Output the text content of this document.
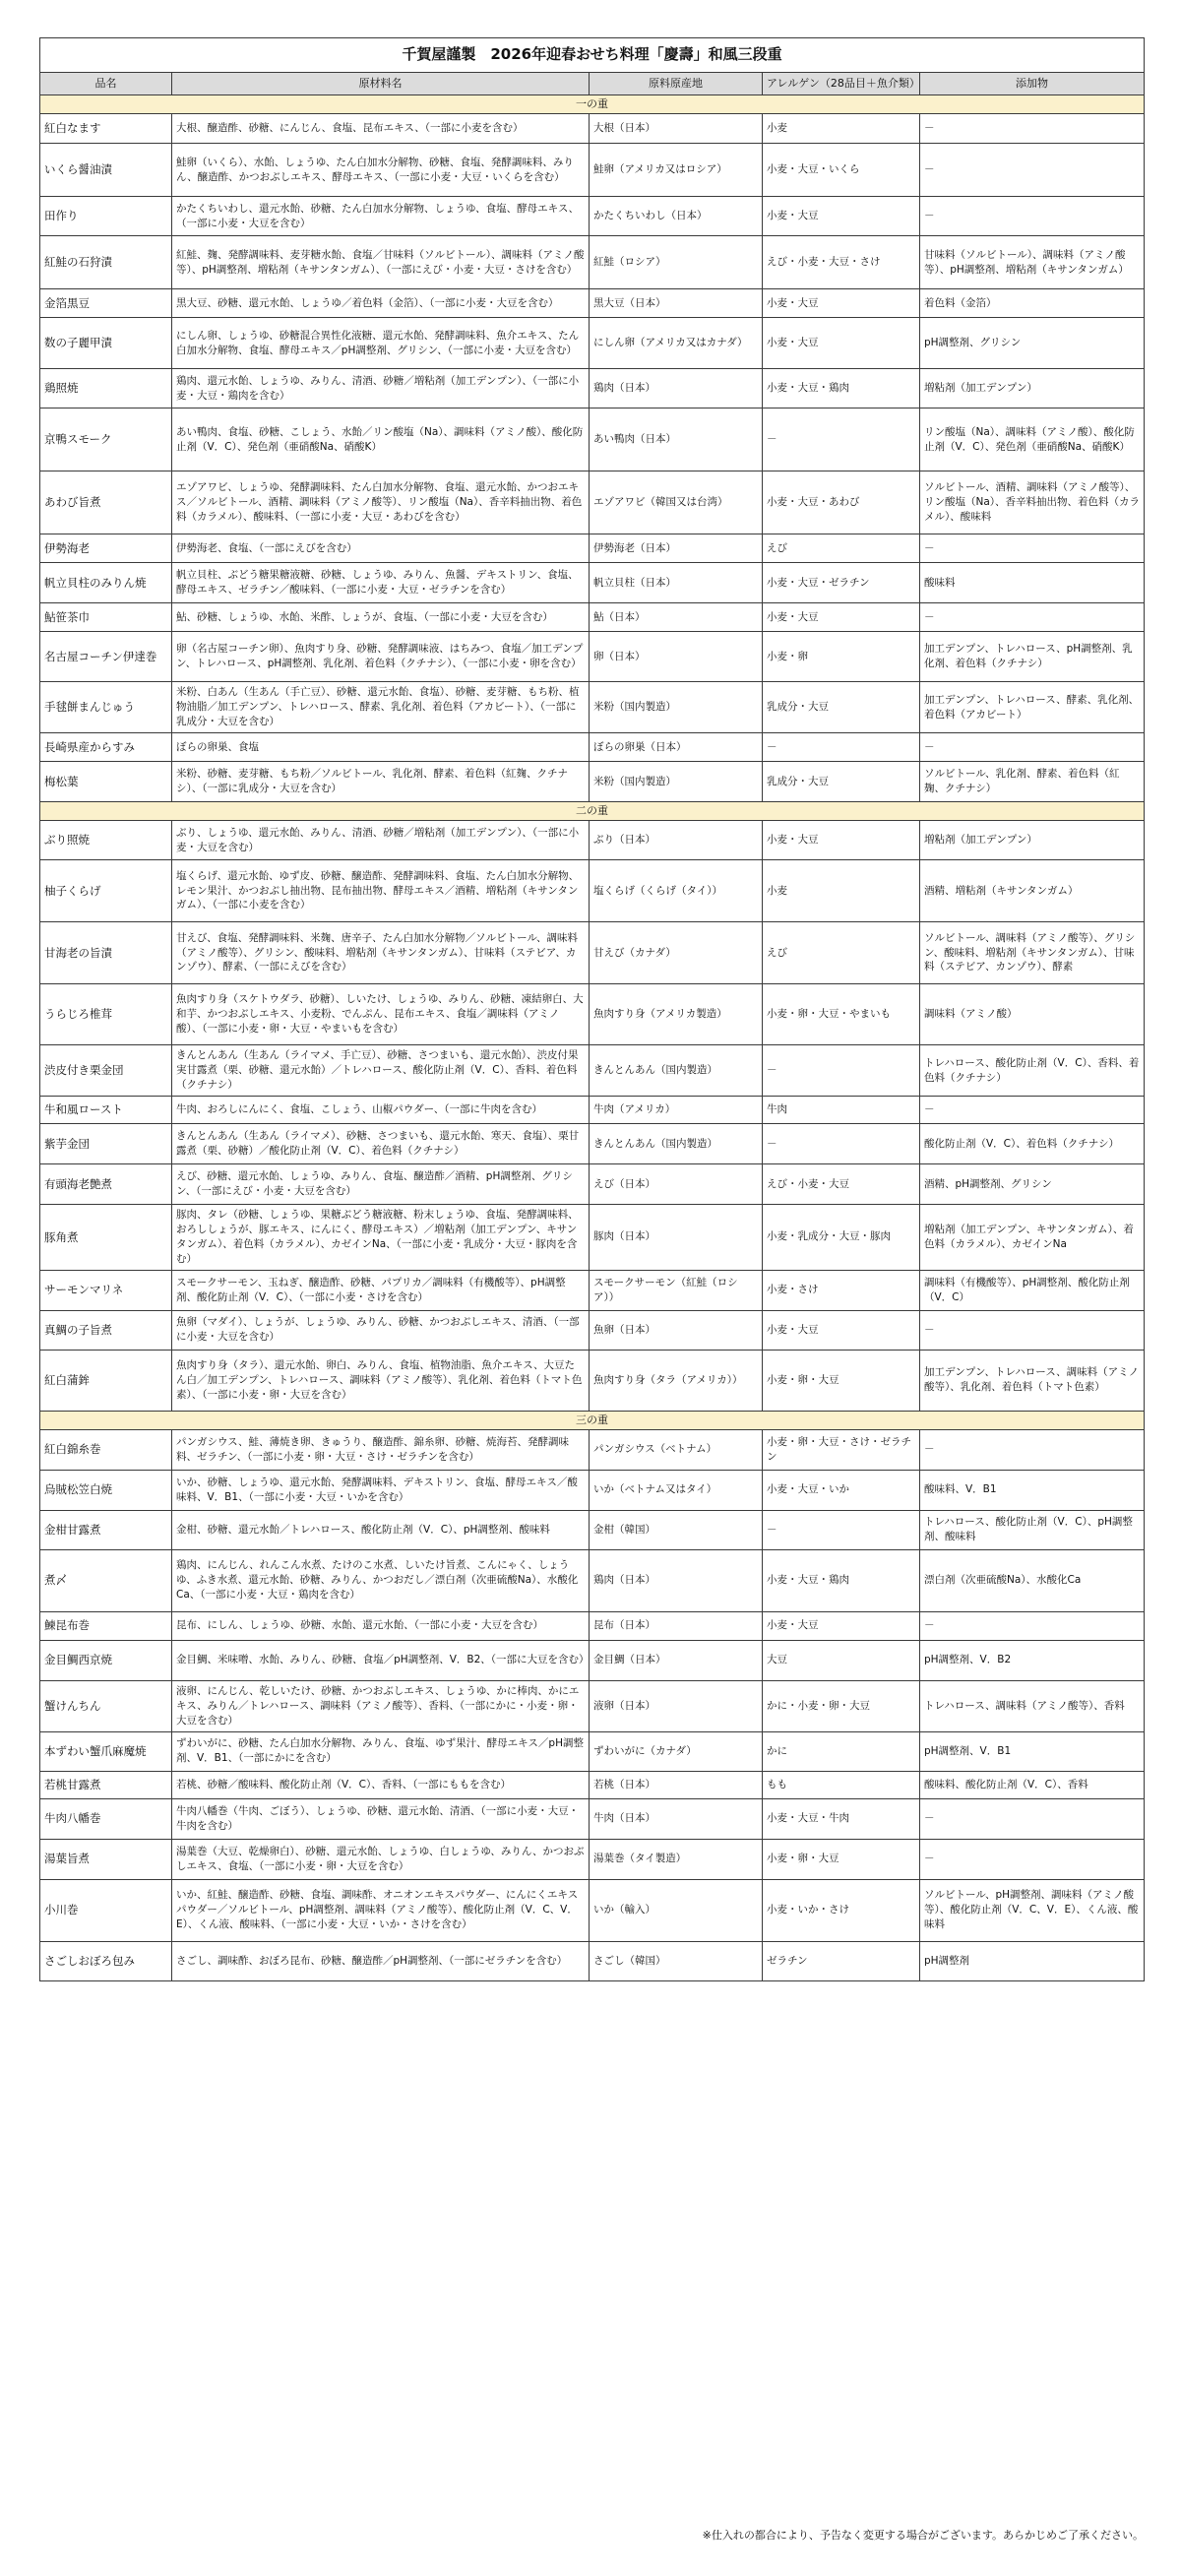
千賀屋謹製　2026年迎春おせち料理「慶壽」和風三段重				
品名	原材料名	原料原産地	アレルゲン（28品目＋魚介類）	添加物
一の重				
紅白なます	大根、醸造酢、砂糖、にんじん、食塩、昆布エキス、（一部に小麦を含む）	大根（日本）	小麦	－
いくら醤油漬	鮭卵（いくら）、水飴、しょうゆ、たん白加水分解物、砂糖、食塩、発酵調味料、みりん、醸造酢、かつおぶしエキス、酵母エキス、（一部に小麦・大豆・いくらを含む）	鮭卵（アメリカ又はロシア）	小麦・大豆・いくら	－
田作り	かたくちいわし、還元水飴、砂糖、たん白加水分解物、しょうゆ、食塩、酵母エキス、（一部に小麦・大豆を含む）	かたくちいわし（日本）	小麦・大豆	－
紅鮭の石狩漬	紅鮭、麹、発酵調味料、麦芽糖水飴、食塩／甘味料（ソルビトール）、調味料（アミノ酸等）、pH調整剤、増粘剤（キサンタンガム）、（一部にえび・小麦・大豆・さけを含む）	紅鮭（ロシア）	えび・小麦・大豆・さけ	甘味料（ソルビトール）、調味料（アミノ酸等）、pH調整剤、増粘剤（キサンタンガム）
金箔黒豆	黒大豆、砂糖、還元水飴、しょうゆ／着色料（金箔）、（一部に小麦・大豆を含む）	黒大豆（日本）	小麦・大豆	着色料（金箔）
数の子麗甲漬	にしん卵、しょうゆ、砂糖混合異性化液糖、還元水飴、発酵調味料、魚介エキス、たん白加水分解物、食塩、酵母エキス／pH調整剤、グリシン、（一部に小麦・大豆を含む）	にしん卵（アメリカ又はカナダ）	小麦・大豆	pH調整剤、グリシン
鶏照焼	鶏肉、還元水飴、しょうゆ、みりん、清酒、砂糖／増粘剤（加工デンプン）、（一部に小麦・大豆・鶏肉を含む）	鶏肉（日本）	小麦・大豆・鶏肉	増粘剤（加工デンプン）
京鴨スモーク	あい鴨肉、食塩、砂糖、こしょう、水飴／リン酸塩（Na）、調味料（アミノ酸）、酸化防止剤（V．C）、発色剤（亜硝酸Na、硝酸K）	あい鴨肉（日本）	－	リン酸塩（Na）、調味料（アミノ酸）、酸化防止剤（V．C）、発色剤（亜硝酸Na、硝酸K）
あわび旨煮	エゾアワビ、しょうゆ、発酵調味料、たん白加水分解物、食塩、還元水飴、かつおエキス／ソルビトール、酒精、調味料（アミノ酸等）、リン酸塩（Na）、香辛料抽出物、着色料（カラメル）、酸味料、（一部に小麦・大豆・あわびを含む）	エゾアワビ（韓国又は台湾）	小麦・大豆・あわび	ソルビトール、酒精、調味料（アミノ酸等）、リン酸塩（Na）、香辛料抽出物、着色料（カラメル）、酸味料
伊勢海老	伊勢海老、食塩、（一部にえびを含む）	伊勢海老（日本）	えび	－
帆立貝柱のみりん焼	帆立貝柱、ぶどう糖果糖液糖、砂糖、しょうゆ、みりん、魚醤、デキストリン、食塩、酵母エキス、ゼラチン／酸味料、（一部に小麦・大豆・ゼラチンを含む）	帆立貝柱（日本）	小麦・大豆・ゼラチン	酸味料
鮎笹茶巾	鮎、砂糖、しょうゆ、水飴、米酢、しょうが、食塩、（一部に小麦・大豆を含む）	鮎（日本）	小麦・大豆	－
名古屋コーチン伊達巻	卵（名古屋コーチン卵）、魚肉すり身、砂糖、発酵調味液、はちみつ、食塩／加工デンプン、トレハロース、pH調整剤、乳化剤、着色料（クチナシ）、（一部に小麦・卵を含む）	卵（日本）	小麦・卵	加工デンプン、トレハロース、pH調整剤、乳化剤、着色料（クチナシ）
手毬餅まんじゅう	米粉、白あん（生あん（手亡豆）、砂糖、還元水飴、食塩）、砂糖、麦芽糖、もち粉、植物油脂／加工デンプン、トレハロース、酵素、乳化剤、着色料（アカビート）、（一部に乳成分・大豆を含む）	米粉（国内製造）	乳成分・大豆	加工デンプン、トレハロース、酵素、乳化剤、着色料（アカビート）
長崎県産からすみ	ぼらの卵巣、食塩	ぼらの卵巣（日本）	－	－
梅松葉	米粉、砂糖、麦芽糖、もち粉／ソルビトール、乳化剤、酵素、着色料（紅麹、クチナシ）、（一部に乳成分・大豆を含む）	米粉（国内製造）	乳成分・大豆	ソルビトール、乳化剤、酵素、着色料（紅麹、クチナシ）
二の重				
ぶり照焼	ぶり、しょうゆ、還元水飴、みりん、清酒、砂糖／増粘剤（加工デンプン）、（一部に小麦・大豆を含む）	ぶり（日本）	小麦・大豆	増粘剤（加工デンプン）
柚子くらげ	塩くらげ、還元水飴、ゆず皮、砂糖、醸造酢、発酵調味料、食塩、たん白加水分解物、レモン果汁、かつおぶし抽出物、昆布抽出物、酵母エキス／酒精、増粘剤（キサンタンガム）、（一部に小麦を含む）	塩くらげ（くらげ（タイ））	小麦	酒精、増粘剤（キサンタンガム）
甘海老の旨漬	甘えび、食塩、発酵調味料、米麹、唐辛子、たん白加水分解物／ソルビトール、調味料（アミノ酸等）、グリシン、酸味料、増粘剤（キサンタンガム）、甘味料（ステビア、カンゾウ）、酵素、（一部にえびを含む）	甘えび（カナダ）	えび	ソルビトール、調味料（アミノ酸等）、グリシン、酸味料、増粘剤（キサンタンガム）、甘味料（ステビア、カンゾウ）、酵素
うらじろ椎茸	魚肉すり身（スケトウダラ、砂糖）、しいたけ、しょうゆ、みりん、砂糖、凍結卵白、大和芋、かつおぶしエキス、小麦粉、でんぷん、昆布エキス、食塩／調味料（アミノ酸）、（一部に小麦・卵・大豆・やまいもを含む）	魚肉すり身（アメリカ製造）	小麦・卵・大豆・やまいも	調味料（アミノ酸）
渋皮付き栗金団	きんとんあん（生あん（ライマメ、手亡豆）、砂糖、さつまいも、還元水飴）、渋皮付果実甘露煮（栗、砂糖、還元水飴）／トレハロース、酸化防止剤（V．C）、香料、着色料（クチナシ）	きんとんあん（国内製造）	－	トレハロース、酸化防止剤（V．C）、香料、着色料（クチナシ）
牛和風ロースト	牛肉、おろしにんにく、食塩、こしょう、山椒パウダー、（一部に牛肉を含む）	牛肉（アメリカ）	牛肉	－
紫芋金団	きんとんあん（生あん（ライマメ）、砂糖、さつまいも、還元水飴、寒天、食塩）、栗甘露煮（栗、砂糖）／酸化防止剤（V．C）、着色料（クチナシ）	きんとんあん（国内製造）	－	酸化防止剤（V．C）、着色料（クチナシ）
有頭海老艶煮	えび、砂糖、還元水飴、しょうゆ、みりん、食塩、醸造酢／酒精、pH調整剤、グリシン、（一部にえび・小麦・大豆を含む）	えび（日本）	えび・小麦・大豆	酒精、pH調整剤、グリシン
豚角煮	豚肉、タレ（砂糖、しょうゆ、果糖ぶどう糖液糖、粉末しょうゆ、食塩、発酵調味料、おろししょうが、豚エキス、にんにく、酵母エキス）／増粘剤（加工デンプン、キサンタンガム）、着色料（カラメル）、カゼインNa、（一部に小麦・乳成分・大豆・豚肉を含む）	豚肉（日本）	小麦・乳成分・大豆・豚肉	増粘剤（加工デンプン、キサンタンガム）、着色料（カラメル）、カゼインNa
サーモンマリネ	スモークサーモン、玉ねぎ、醸造酢、砂糖、パプリカ／調味料（有機酸等）、pH調整剤、酸化防止剤（V．C）、（一部に小麦・さけを含む）	スモークサーモン（紅鮭（ロシア））	小麦・さけ	調味料（有機酸等）、pH調整剤、酸化防止剤（V．C）
真鯛の子旨煮	魚卵（マダイ）、しょうが、しょうゆ、みりん、砂糖、かつおぶしエキス、清酒、（一部に小麦・大豆を含む）	魚卵（日本）	小麦・大豆	－
紅白蒲鉾	魚肉すり身（タラ）、還元水飴、卵白、みりん、食塩、植物油脂、魚介エキス、大豆たん白／加工デンプン、トレハロース、調味料（アミノ酸等）、乳化剤、着色料（トマト色素）、（一部に小麦・卵・大豆を含む）	魚肉すり身（タラ（アメリカ））	小麦・卵・大豆	加工デンプン、トレハロース、調味料（アミノ酸等）、乳化剤、着色料（トマト色素）
三の重				
紅白錦糸巻	パンガシウス、鮭、薄焼き卵、きゅうり、醸造酢、錦糸卵、砂糖、焼海苔、発酵調味料、ゼラチン、（一部に小麦・卵・大豆・さけ・ゼラチンを含む）	パンガシウス（ベトナム）	小麦・卵・大豆・さけ・ゼラチン	－
烏賊松笠白焼	いか、砂糖、しょうゆ、還元水飴、発酵調味料、デキストリン、食塩、酵母エキス／酸味料、V．B1、（一部に小麦・大豆・いかを含む）	いか（ベトナム又はタイ）	小麦・大豆・いか	酸味料、V．B1
金柑甘露煮	金柑、砂糖、還元水飴／トレハロース、酸化防止剤（V．C）、pH調整剤、酸味料	金柑（韓国）	－	トレハロース、酸化防止剤（V．C）、pH調整剤、酸味料
煮〆	鶏肉、にんじん、れんこん水煮、たけのこ水煮、しいたけ旨煮、こんにゃく、しょうゆ、ふき水煮、還元水飴、砂糖、みりん、かつおだし／漂白剤（次亜硫酸Na）、水酸化Ca、（一部に小麦・大豆・鶏肉を含む）	鶏肉（日本）	小麦・大豆・鶏肉	漂白剤（次亜硫酸Na）、水酸化Ca
鰊昆布巻	昆布、にしん、しょうゆ、砂糖、水飴、還元水飴、（一部に小麦・大豆を含む）	昆布（日本）	小麦・大豆	－
金目鯛西京焼	金目鯛、米味噌、水飴、みりん、砂糖、食塩／pH調整剤、V．B2、（一部に大豆を含む）	金目鯛（日本）	大豆	pH調整剤、V．B2
蟹けんちん	液卵、にんじん、乾しいたけ、砂糖、かつおぶしエキス、しょうゆ、かに棒肉、かにエキス、みりん／トレハロース、調味料（アミノ酸等）、香料、（一部にかに・小麦・卵・大豆を含む）	液卵（日本）	かに・小麦・卵・大豆	トレハロース、調味料（アミノ酸等）、香料
本ずわい蟹爪麻魔焼	ずわいがに、砂糖、たん白加水分解物、みりん、食塩、ゆず果汁、酵母エキス／pH調整剤、V．B1、（一部にかにを含む）	ずわいがに（カナダ）	かに	pH調整剤、V．B1
若桃甘露煮	若桃、砂糖／酸味料、酸化防止剤（V．C）、香料、（一部にももを含む）	若桃（日本）	もも	酸味料、酸化防止剤（V．C）、香料
牛肉八幡巻	牛肉八幡巻（牛肉、ごぼう）、しょうゆ、砂糖、還元水飴、清酒、（一部に小麦・大豆・牛肉を含む）	牛肉（日本）	小麦・大豆・牛肉	－
湯葉旨煮	湯葉巻（大豆、乾燥卵白）、砂糖、還元水飴、しょうゆ、白しょうゆ、みりん、かつおぶしエキス、食塩、（一部に小麦・卵・大豆を含む）	湯葉巻（タイ製造）	小麦・卵・大豆	－
小川巻	いか、紅鮭、醸造酢、砂糖、食塩、調味酢、オニオンエキスパウダー、にんにくエキスパウダー／ソルビトール、pH調整剤、調味料（アミノ酸等）、酸化防止剤（V．C、V．E）、くん液、酸味料、（一部に小麦・大豆・いか・さけを含む）	いか（輸入）	小麦・いか・さけ	ソルビトール、pH調整剤、調味料（アミノ酸等）、酸化防止剤（V．C、V．E）、くん液、酸味料
さごしおぼろ包み	さごし、調味酢、おぼろ昆布、砂糖、醸造酢／pH調整剤、（一部にゼラチンを含む）	さごし（韓国）	ゼラチン	pH調整剤
※仕入れの都合により、予告なく変更する場合がございます。あらかじめご了承ください。
